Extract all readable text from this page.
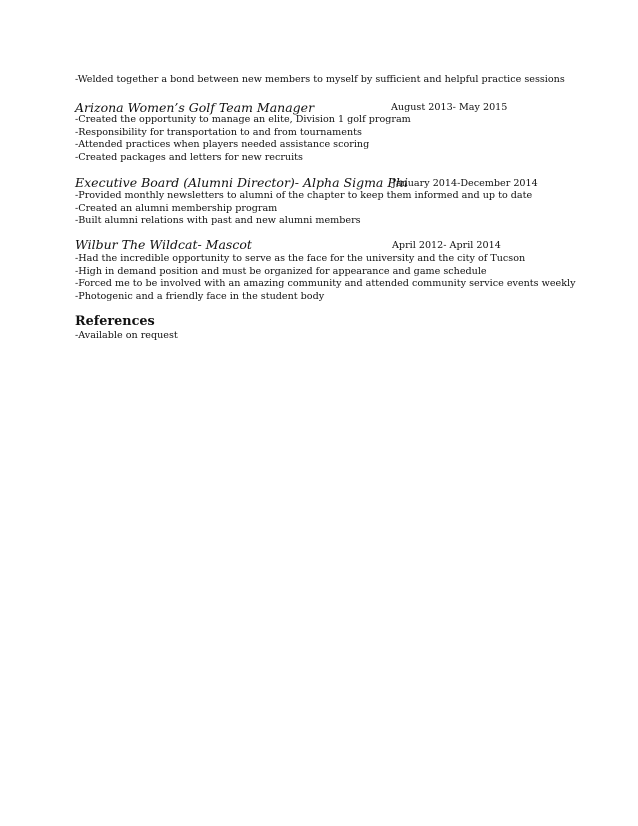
-Welded together a bond between new members to myself by sufficient and helpful practice sessions
Arizona Women’s Golf Team Manager	August 2013- May 2015
-Created the opportunity to manage an elite, Division 1 golf program
-Responsibility for transportation to and from tournaments
-Attended practices when players needed assistance scoring
-Created packages and letters for new recruits
Executive Board (Alumni Director)- Alpha Sigma Phi
January 2014-December 2014
-Provided monthly newsletters to alumni of the chapter to keep them informed and up to date
-Created an alumni membership program
-Built alumni relations with past and new alumni members
Wilbur The Wildcat- Mascot	April 2012- April 2014
-Had the incredible opportunity to serve as the face for the university and the city of Tucson
-High in demand position and must be organized for appearance and game schedule
-Forced me to be involved with an amazing community and attended community service events weekly
-Photogenic and a friendly face in the student body
References
-Available on request
